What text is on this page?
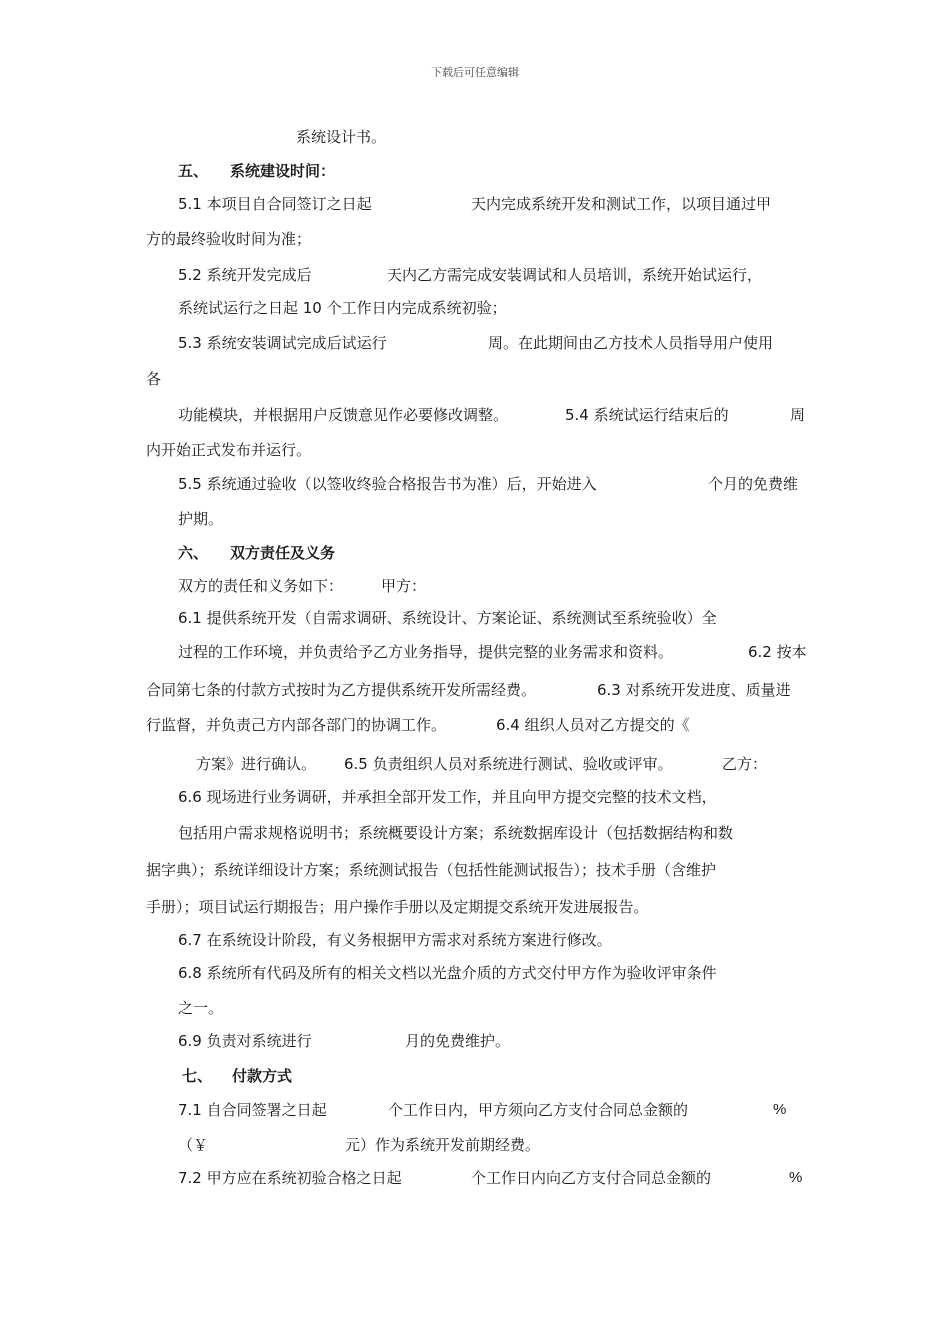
下载后可任意编辑
系统设计书。
五、 系统建设时间：
5.1 本项目自合同签订之日起	天内完成系统开发和测试工作，以项目通过甲
方的最终验收时间为准；
5.2 系统开发完成后	天内乙方需完成安装调试和人员培训，系统开始试运行，
系统试运行之日起 10 个工作日内完成系统初验；
5.3 系统安装调试完成后试运行	周。在此期间由乙方技术人员指导用户使用
各
功能模块，并根据用户反馈意见作必要修改调整。	5.4 系统试运行结束后的	周
内开始正式发布并运行。
5.5 系统通过验收（以签收终验合格报告书为准）后，开始进入	个月的免费维
护期。
六、 双方责任及义务
双方的责任和义务如下：	甲方：
6.1 提供系统开发（自需求调研、系统设计、方案论证、系统测试至系统验收）全
过程的工作环境，并负责给予乙方业务指导，提供完整的业务需求和资料。	6.2 按本
合同第七条的付款方式按时为乙方提供系统开发所需经费。	6.3 对系统开发进度、质量进
行监督，并负责己方内部各部门的协调工作。	6.4 组织人员对乙方提交的《
方案》进行确认。 6.5 负责组织人员对系统进行测试、验收或评审。	乙方：
6.6 现场进行业务调研，并承担全部开发工作，并且向甲方提交完整的技术文档，
包括用户需求规格说明书；系统概要设计方案；系统数据库设计（包括数据结构和数
据字典）；系统详细设计方案；系统测试报告（包括性能测试报告）；技术手册（含维护
手册）；项目试运行期报告；用户操作手册以及定期提交系统开发进展报告。
6.7 在系统设计阶段，有义务根据甲方需求对系统方案进行修改。
6.8 系统所有代码及所有的相关文档以光盘介质的方式交付甲方作为验收评审条件
之一。
6.9 负责对系统进行	月的免费维护。
七、 付款方式
7.1 自合同签署之日起	个工作日内，甲方须向乙方支付合同总金额的	%
（￥	元）作为系统开发前期经费。
7.2 甲方应在系统初验合格之日起	个工作日内向乙方支付合同总金额的	%
